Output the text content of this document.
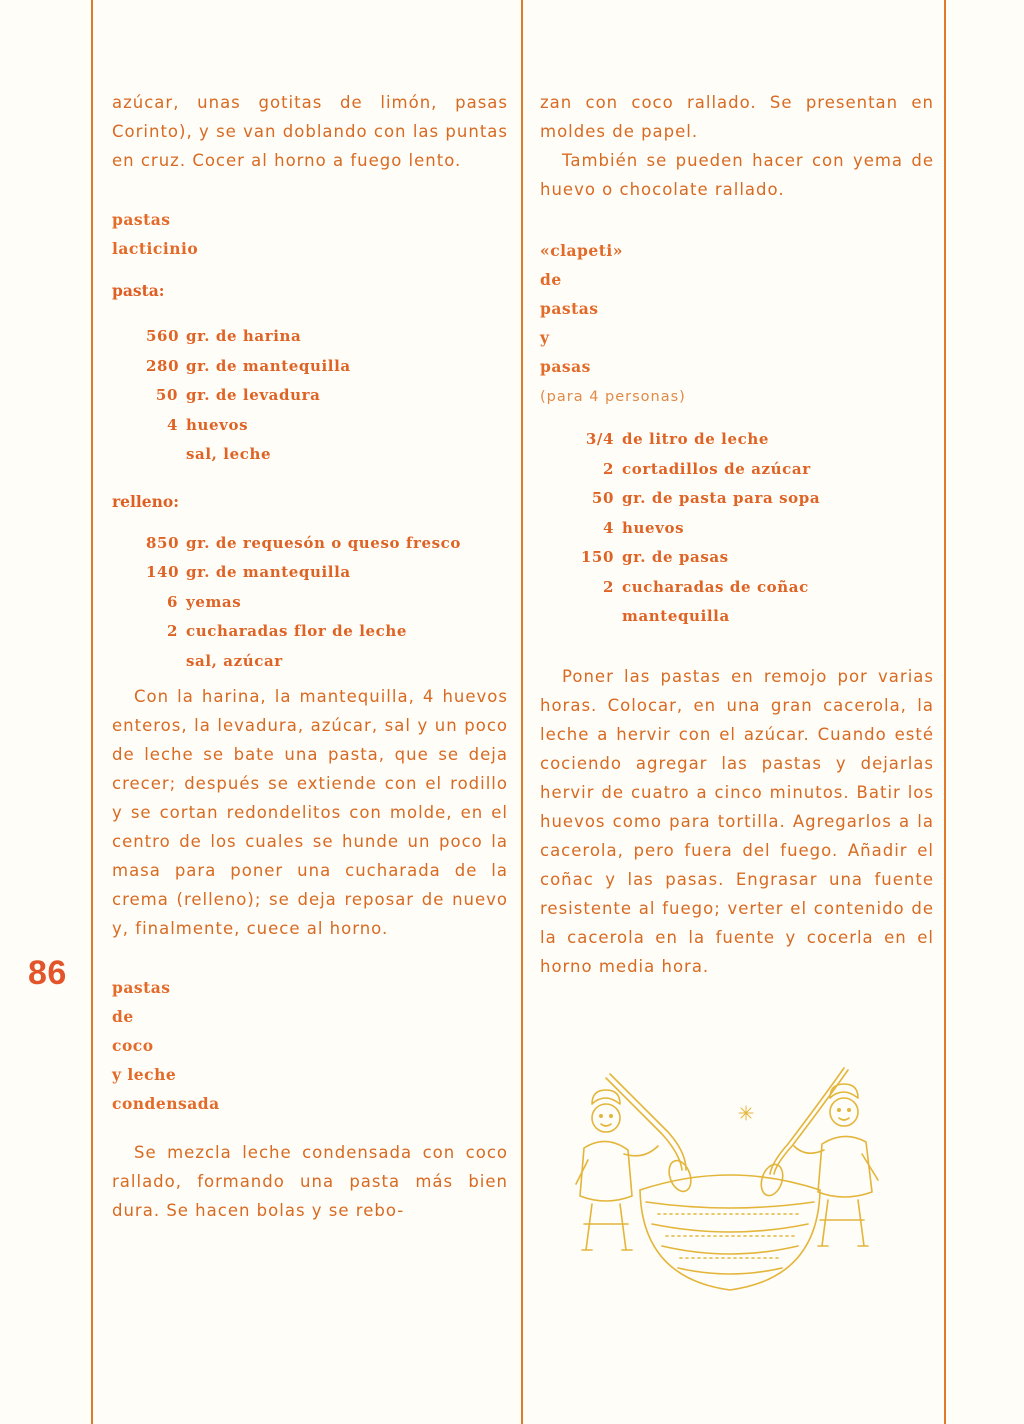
86

azúcar, unas gotitas de limón, pasas Corinto), y se van doblando con las puntas en cruz. Cocer al horno a fuego lento.

pastas
lacticinio

pasta:

560 gr. de harina
280 gr. de mantequilla
50 gr. de levadura
4 huevos
sal, leche

relleno:

850 gr. de requesón o queso fresco
140 gr. de mantequilla
6 yemas
2 cucharadas flor de leche
sal, azúcar

Con la harina, la mantequilla, 4 huevos enteros, la levadura, azúcar, sal y un poco de leche se bate una pasta, que se deja crecer; después se extiende con el rodillo y se cortan redondelitos con molde, en el centro de los cuales se hunde un poco la masa para poner una cucharada de la crema (relleno); se deja reposar de nuevo y, finalmente, cuece al horno.

pastas
de
coco
y leche
condensada

Se mezcla leche condensada con coco rallado, formando una pasta más bien dura. Se hacen bolas y se rebo-

zan con coco rallado. Se presentan en moldes de papel.

También se pueden hacer con yema de huevo o chocolate rallado.

«clapeti»
de
pastas
y
pasas

(para 4 personas)

3/4 de litro de leche
2 cortadillos de azúcar
50 gr. de pasta para sopa
4 huevos
150 gr. de pasas
2 cucharadas de coñac
mantequilla

Poner las pastas en remojo por varias horas. Colocar, en una gran cacerola, la leche a hervir con el azúcar. Cuando esté cociendo agregar las pastas y dejarlas hervir de cuatro a cinco minutos. Batir los huevos como para tortilla. Agregarlos a la cacerola, pero fuera del fuego. Añadir el coñac y las pasas. Engrasar una fuente resistente al fuego; verter el contenido de la cacerola en la fuente y cocerla en el horno media hora.
